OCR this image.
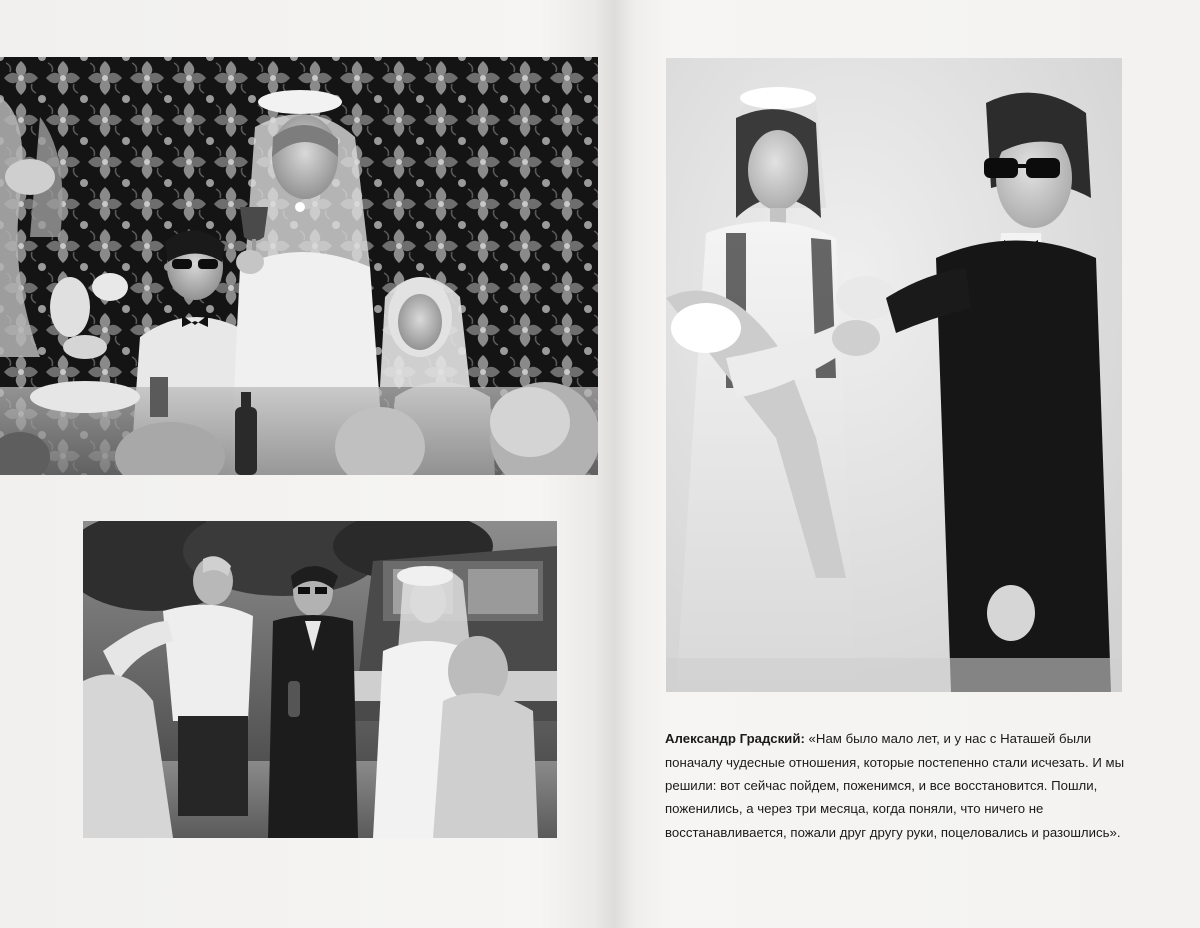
Александр Градский: «Нам было мало лет, и у нас с Наташей были поначалу чудесные отношения, которые постепенно стали исчезать. И мы решили: вот сейчас пойдем, поженимся, и все восстановится. Пошли, поженились, а через три месяца, когда поняли, что ничего не восстанавливается, пожали друг другу руки, поцеловались и разошлись».
